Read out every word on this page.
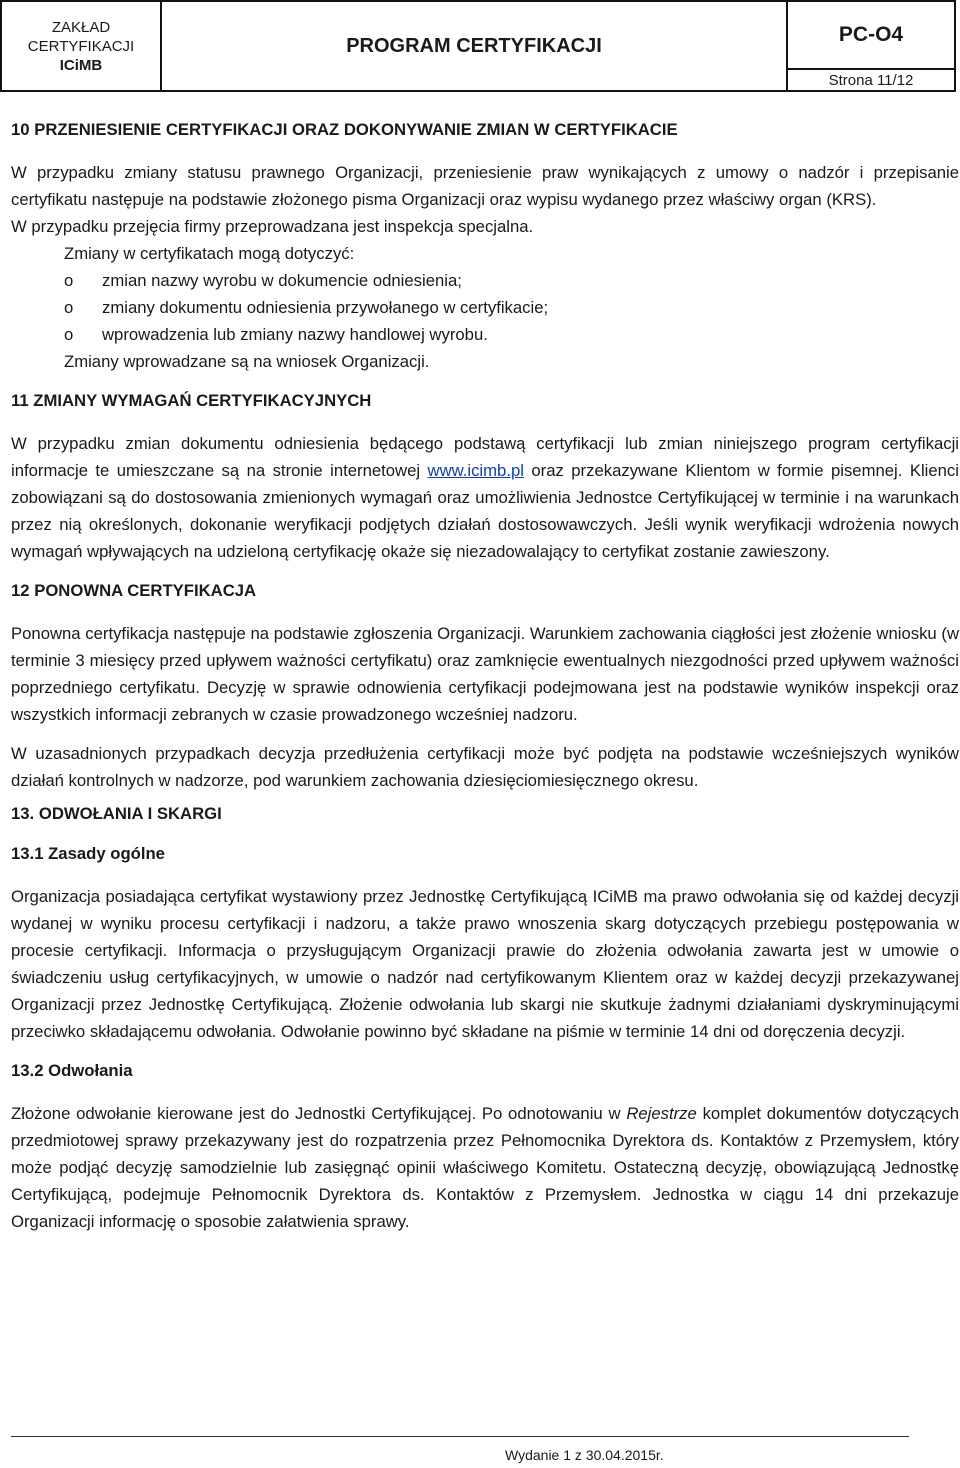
ZAKŁAD
CERTYFIKACJI
ICiMB
PROGRAM CERTYFIKACJI	PC-O4
Strona 11/12
10 PRZENIESIENIE CERTYFIKACJI ORAZ DOKONYWANIE ZMIAN W CERTYFIKACIE

W przypadku zmiany statusu prawnego Organizacji, przeniesienie praw wynikających z umowy o nadzór i przepisanie certyfikatu następuje na podstawie złożonego pisma Organizacji oraz wypisu wydanego przez właściwy organ (KRS).

W przypadku przejęcia firmy przeprowadzana jest inspekcja specjalna.

Zmiany w certyfikatach mogą dotyczyć:
o	zmian nazwy wyrobu w dokumencie odniesienia;
o	zmiany dokumentu odniesienia przywołanego w certyfikacie;
o	wprowadzenia lub zmiany nazwy handlowej wyrobu.
Zmiany wprowadzane są na wniosek Organizacji.
11 ZMIANY WYMAGAŃ CERTYFIKACYJNYCH

W przypadku zmian dokumentu odniesienia będącego podstawą certyfikacji lub zmian niniejszego program certyfikacji informacje te umieszczane są na stronie internetowej www.icimb.pl oraz przekazywane Klientom w formie pisemnej. Klienci zobowiązani są do dostosowania zmienionych wymagań oraz umożliwienia Jednostce Certyfikującej w terminie i na warunkach przez nią określonych, dokonanie weryfikacji podjętych działań dostosowawczych. Jeśli wynik weryfikacji wdrożenia nowych wymagań wpływających na udzieloną certyfikację okaże się niezadowalający to certyfikat zostanie zawieszony.

12 PONOWNA CERTYFIKACJA

Ponowna certyfikacja następuje na podstawie zgłoszenia Organizacji. Warunkiem zachowania ciągłości jest złożenie wniosku (w terminie 3 miesięcy przed upływem ważności certyfikatu) oraz zamknięcie ewentualnych niezgodności przed upływem ważności poprzedniego certyfikatu. Decyzję w sprawie odnowienia certyfikacji podejmowana jest na podstawie wyników inspekcji oraz wszystkich informacji zebranych w czasie prowadzonego wcześniej nadzoru.

W uzasadnionych przypadkach decyzja przedłużenia certyfikacji może być podjęta na podstawie wcześniejszych wyników działań kontrolnych w nadzorze, pod warunkiem zachowania dziesięciomiesięcznego okresu.

13. ODWOŁANIA I SKARGI
13.1 Zasady ogólne

Organizacja posiadająca certyfikat wystawiony przez Jednostkę Certyfikującą ICiMB ma prawo odwołania się od każdej decyzji wydanej w wyniku procesu certyfikacji i nadzoru, a także prawo wnoszenia skarg dotyczących przebiegu postępowania w procesie certyfikacji. Informacja o przysługującym Organizacji prawie do złożenia odwołania zawarta jest w umowie o świadczeniu usług certyfikacyjnych, w umowie o nadzór nad certyfikowanym Klientem oraz w każdej decyzji przekazywanej Organizacji przez Jednostkę Certyfikującą. Złożenie odwołania lub skargi nie skutkuje żadnymi działaniami dyskryminującymi przeciwko składającemu odwołania. Odwołanie powinno być składane na piśmie w terminie 14 dni od doręczenia decyzji.

13.2 Odwołania

Złożone odwołanie kierowane jest do Jednostki Certyfikującej. Po odnotowaniu w Rejestrze komplet dokumentów dotyczących przedmiotowej sprawy przekazywany jest do rozpatrzenia przez Pełnomocnika Dyrektora ds. Kontaktów z Przemysłem, który może podjąć decyzję samodzielnie lub zasięgnąć opinii właściwego Komitetu. Ostateczną decyzję, obowiązującą Jednostkę Certyfikującą, podejmuje Pełnomocnik Dyrektora ds. Kontaktów z Przemysłem. Jednostka w ciągu 14 dni przekazuje Organizacji informację o sposobie załatwienia sprawy.

Wydanie 1 z 30.04.2015r.
